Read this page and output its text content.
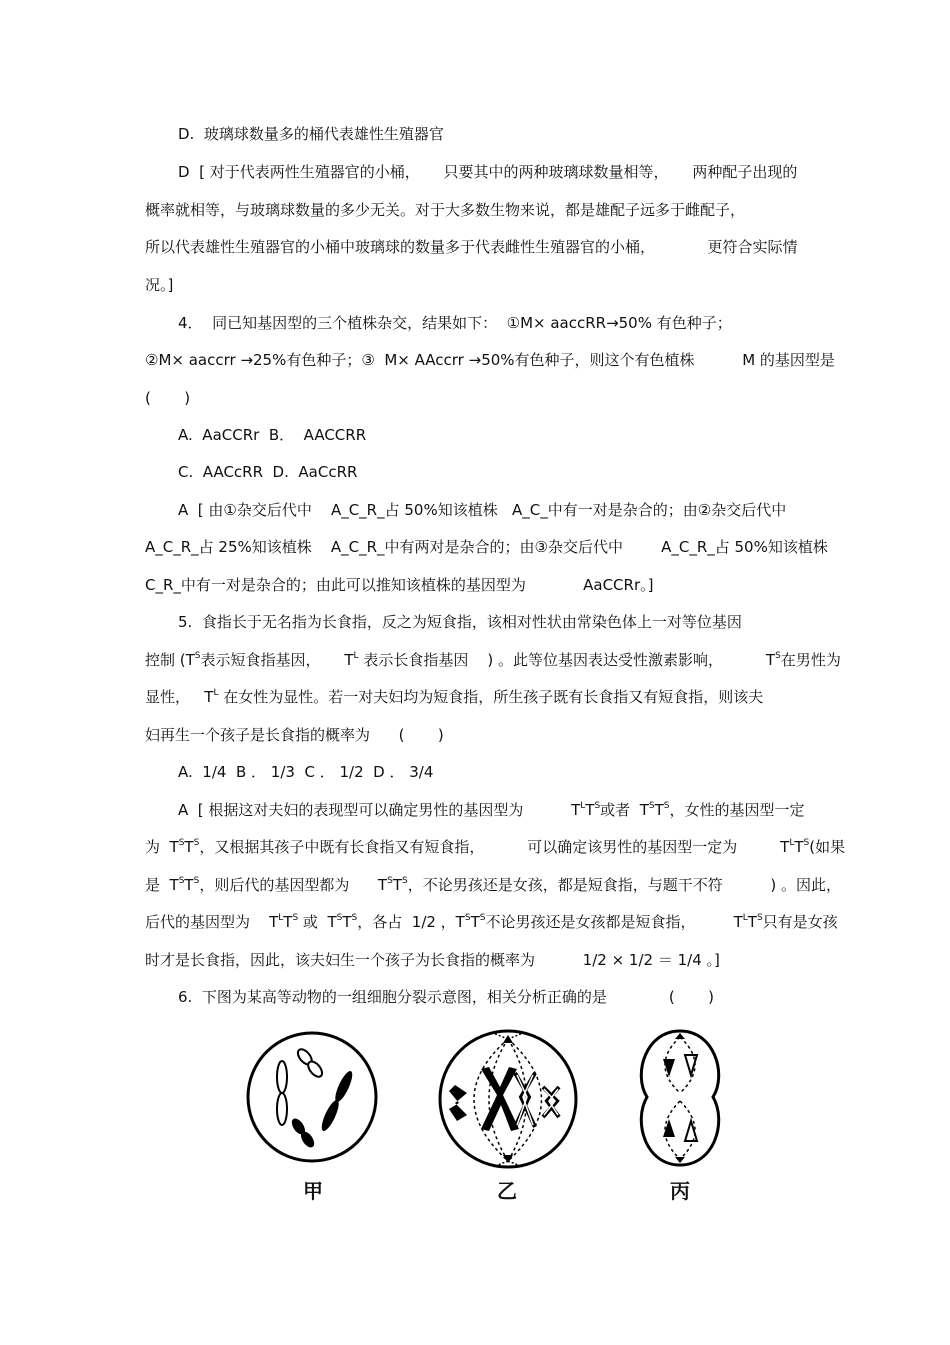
D.  玻璃球数量多的桶代表雄性生殖器官
D  [ 对于代表两性生殖器官的小桶，     只要其中的两种玻璃球数量相等，     两种配子出现的
概率就相等，与玻璃球数量的多少无关。对于大多数生物来说，都是雄配子远多于雌配子，
所以代表雄性生殖器官的小桶中玻璃球的数量多于代表雌性生殖器官的小桶，           更符合实际情
况。]
4．  同已知基因型的三个植株杂交，结果如下：  ①M× aaccRR→50% 有色种子；
②M× aaccrr →25%有色种子；③  M× AAccrr →50%有色种子，则这个有色植株          M 的基因型是
(       )
A.  AaCCRr  B．  AACCRR
C.  AACcRR  D.  AaCcRR
A  [ 由①杂交后代中    A_C_R_占 50%知该植株   A_C_中有一对是杂合的；由②杂交后代中
A_C_R_占 25%知该植株    A_C_R_中有两对是杂合的；由③杂交后代中        A_C_R_占 50%知该植株
C_R_中有一对是杂合的；由此可以推知该植株的基因型为            AaCCRr。]
5.  食指长于无名指为长食指，反之为短食指，该相对性状由常染色体上一对等位基因
控制 ($T^S$表示短食指基因，     $T^L$ 表示长食指基因    ) 。此等位基因表达受性激素影响，         $T^S$在男性为
显性，   $T^L$ 在女性为显性。若一对夫妇均为短食指，所生孩子既有长食指又有短食指，则该夫
妇再生一个孩子是长食指的概率为      (       )
A.  1/4  B ． 1/3  C ． 1/2  D ． 3/4
A  [ 根据这对夫妇的表现型可以确定男性的基因型为          $T^LT^S$或者  $T^ST^S$，女性的基因型一定
为  $T^ST^S$，又根据其孩子中既有长食指又有短食指，         可以确定该男性的基因型一定为         $T^LT^S$(如果
是  $T^ST^S$，则后代的基因型都为      $T^ST^S$，不论男孩还是女孩，都是短食指，与题干不符          ) 。因此，
后代的基因型为    $T^LT^S$ 或  $T^ST^S$，各占  1/2 ，$T^ST^S$不论男孩还是女孩都是短食指，        $T^LT^S$只有是女孩
时才是长食指，因此，该夫妇生一个孩子为长食指的概率为          1/2 × 1/2 ＝ 1/4 。]
6.  下图为某高等动物的一组细胞分裂示意图，相关分析正确的是             (       )
甲	乙	丙
